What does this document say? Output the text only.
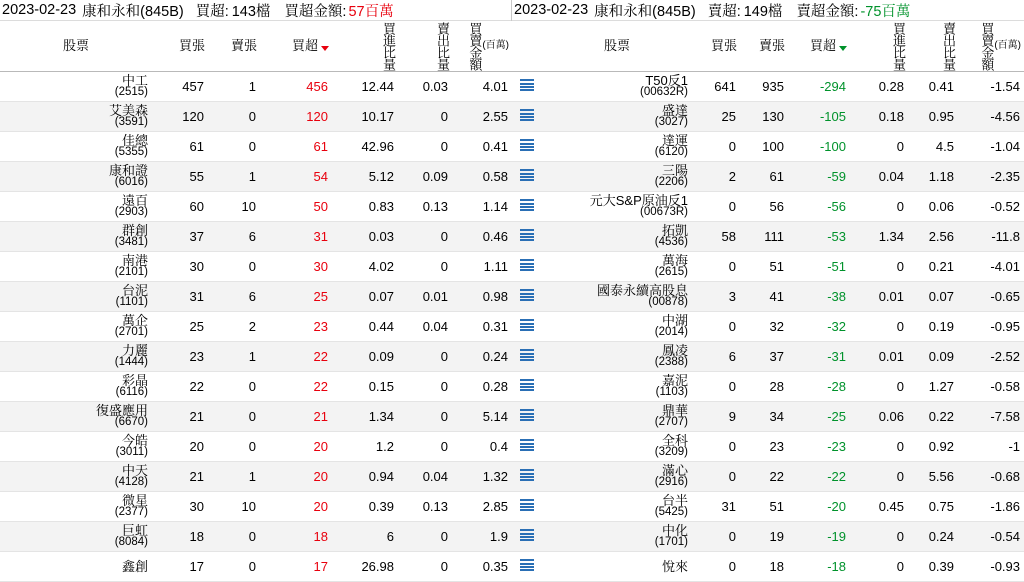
2023-02-23 康和永和(845B) 買超: 143檔 買超金額: 57百萬
股票	買張	賣張	買超	買進比量	賣出比量	買賣金額 (百萬)

中工
(2515)	457	1	456	12.44	0.03	4.01

艾美森
(3591)	120	0	120	10.17	0	2.55

佳總
(5355)	61	0	61	42.96	0	0.41

康和證
(6016)	55	1	54	5.12	0.09	0.58

遠百
(2903)	60	10	50	0.83	0.13	1.14

群創
(3481)	37	6	31	0.03	0	0.46

南港
(2101)	30	0	30	4.02	0	1.11

台泥
(1101)	31	6	25	0.07	0.01	0.98

萬企
(2701)	25	2	23	0.44	0.04	0.31

力麗
(1444)	23	1	22	0.09	0	0.24

彩晶
(6116)	22	0	22	0.15	0	0.28

復盛應用
(6670)	21	0	21	1.34	0	5.14

今皓
(3011)	20	0	20	1.2	0	0.4

中天
(4128)	21	1	20	0.94	0.04	1.32

微星
(2377)	30	10	20	0.39	0.13	2.85

巨虹
(8084)	18	0	18	6	0	1.9

鑫創	17	0	17	26.98	0	0.35
2023-02-23 康和永和(845B) 賣超: 149檔 賣超金額: -75百萬

	股票	買張	賣張	買超	買進比量	賣出比量	買賣金額 (百萬)

	T50反1
(00632R)	641	935	-294	0.28	0.41	-1.54

	盛達
(3027)	25	130	-105	0.18	0.95	-4.56

	達運
(6120)	0	100	-100	0	4.5	-1.04

	三陽
(2206)	2	61	-59	0.04	1.18	-2.35

	元大S&P原油反1
(00673R)	0	56	-56	0	0.06	-0.52

	拓凱
(4536)	58	111	-53	1.34	2.56	-11.8

	萬海
(2615)	0	51	-51	0	0.21	-4.01

	國泰永續高股息
(00878)	3	41	-38	0.01	0.07	-0.65

	中湖
(2014)	0	32	-32	0	0.19	-0.95

	鳳凌
(2388)	6	37	-31	0.01	0.09	-2.52

	嘉泥
(1103)	0	28	-28	0	1.27	-0.58

	鼎華
(2707)	9	34	-25	0.06	0.22	-7.58

	全科
(3209)	0	23	-23	0	0.92	-1

	滿心
(2916)	0	22	-22	0	5.56	-0.68

	台半
(5425)	31	51	-20	0.45	0.75	-1.86

	中化
(1701)	0	19	-19	0	0.24	-0.54

	悅來	0	18	-18	0	0.39	-0.93
